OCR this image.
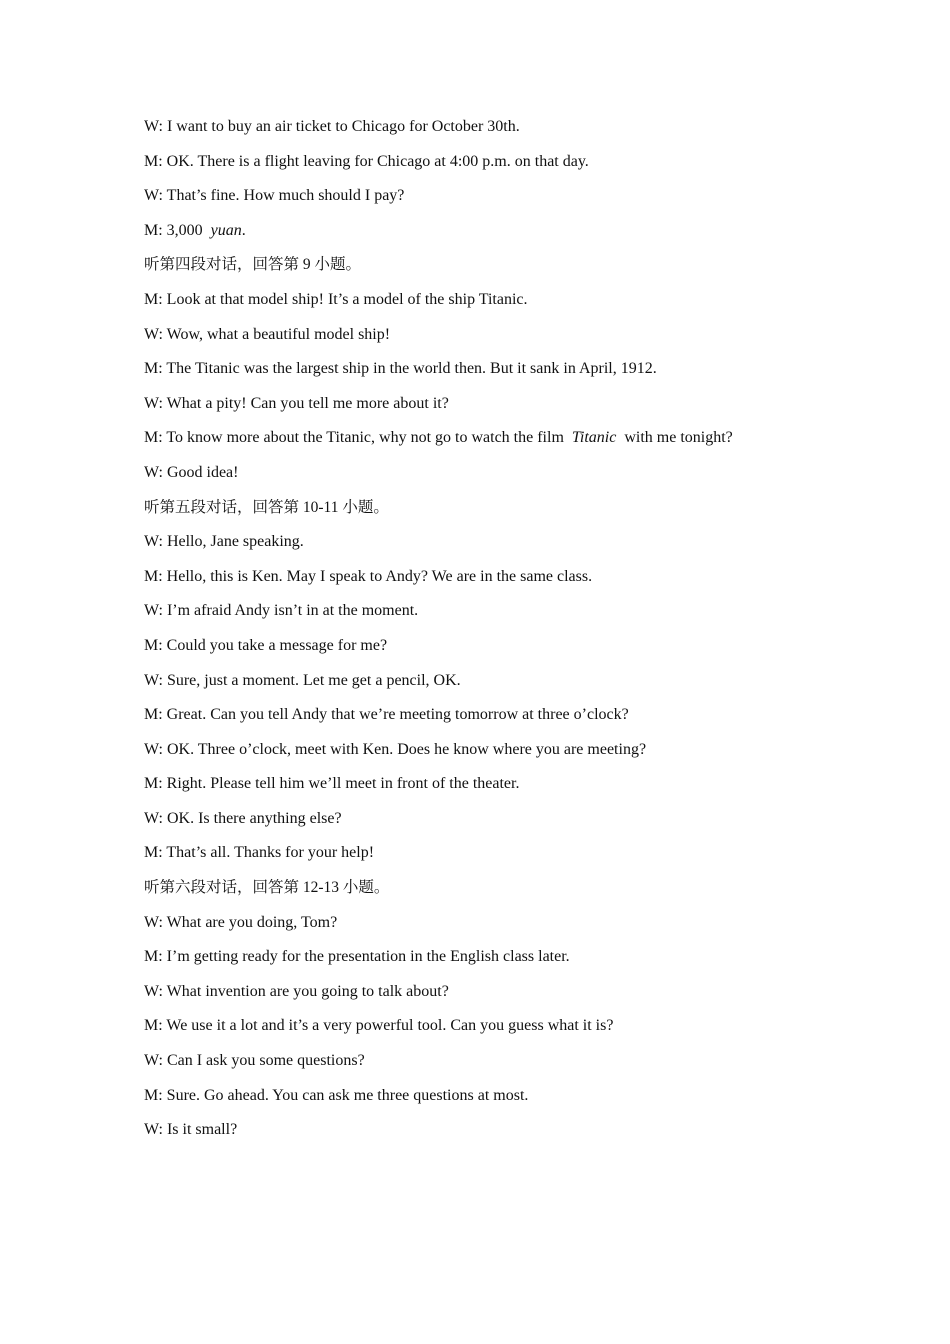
W: I want to buy an air ticket to Chicago for October 30th.
M: OK. There is a flight leaving for Chicago at 4:00 p.m. on that day.
W: That’s fine. How much should I pay?
M: 3,000  yuan.
听第四段对话，回答第 9 小题。
M: Look at that model ship! It’s a model of the ship Titanic.
W: Wow, what a beautiful model ship!
M: The Titanic was the largest ship in the world then. But it sank in April, 1912.
W: What a pity! Can you tell me more about it?
M: To know more about the Titanic, why not go to watch the film  Titanic  with me tonight?
W: Good idea!
听第五段对话，回答第 10-11 小题。
W: Hello, Jane speaking.
M: Hello, this is Ken. May I speak to Andy? We are in the same class.
W: I’m afraid Andy isn’t in at the moment.
M: Could you take a message for me?
W: Sure, just a moment. Let me get a pencil, OK.
M: Great. Can you tell Andy that we’re meeting tomorrow at three o’clock?
W: OK. Three o’clock, meet with Ken. Does he know where you are meeting?
M: Right. Please tell him we’ll meet in front of the theater.
W: OK. Is there anything else?
M: That’s all. Thanks for your help!
听第六段对话，回答第 12-13 小题。
W: What are you doing, Tom?
M: I’m getting ready for the presentation in the English class later.
W: What invention are you going to talk about?
M: We use it a lot and it’s a very powerful tool. Can you guess what it is?
W: Can I ask you some questions?
M: Sure. Go ahead. You can ask me three questions at most.
W: Is it small?
